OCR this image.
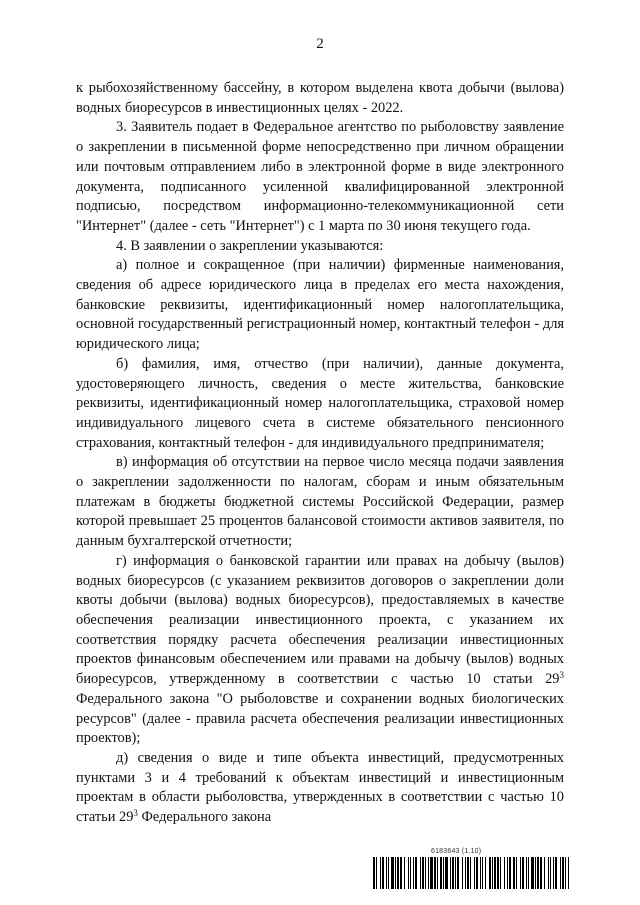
2

к рыбохозяйственному бассейну, в котором выделена квота добычи (вылова) водных биоресурсов в инвестиционных целях - 2022.

3. Заявитель подает в Федеральное агентство по рыболовству заявление о закреплении в письменной форме непосредственно при личном обращении или почтовым отправлением либо в электронной форме в виде электронного документа, подписанного усиленной квалифицированной электронной подписью, посредством информационно-телекоммуникационной сети "Интернет" (далее - сеть "Интернет") с 1 марта по 30 июня текущего года.

4. В заявлении о закреплении указываются:

а) полное и сокращенное (при наличии) фирменные наименования, сведения об адресе юридического лица в пределах его места нахождения, банковские реквизиты, идентификационный номер налогоплательщика, основной государственный регистрационный номер, контактный телефон - для юридического лица;

б) фамилия, имя, отчество (при наличии), данные документа, удостоверяющего личность, сведения о месте жительства, банковские реквизиты, идентификационный номер налогоплательщика, страховой номер индивидуального лицевого счета в системе обязательного пенсионного страхования, контактный телефон - для индивидуального предпринимателя;

в) информация об отсутствии на первое число месяца подачи заявления о закреплении задолженности по налогам, сборам и иным обязательным платежам в бюджеты бюджетной системы Российской Федерации, размер которой превышает 25 процентов балансовой стоимости активов заявителя, по данным бухгалтерской отчетности;

г) информация о банковской гарантии или правах на добычу (вылов) водных биоресурсов (с указанием реквизитов договоров о закреплении доли квоты добычи (вылова) водных биоресурсов), предоставляемых в качестве обеспечения реализации инвестиционного проекта, с указанием их соответствия порядку расчета обеспечения реализации инвестиционных проектов финансовым обеспечением или правами на добычу (вылов) водных биоресурсов, утвержденному в соответствии с частью 10 статьи $29^3$ Федерального закона "О рыболовстве и сохранении водных биологических ресурсов" (далее - правила расчета обеспечения реализации инвестиционных проектов);

д) сведения о виде и типе объекта инвестиций, предусмотренных пунктами 3 и 4 требований к объектам инвестиций и инвестиционным проектам в области рыболовства, утвержденных в соответствии с частью 10 статьи $29^3$ Федерального закона

6183643 (1.10)
